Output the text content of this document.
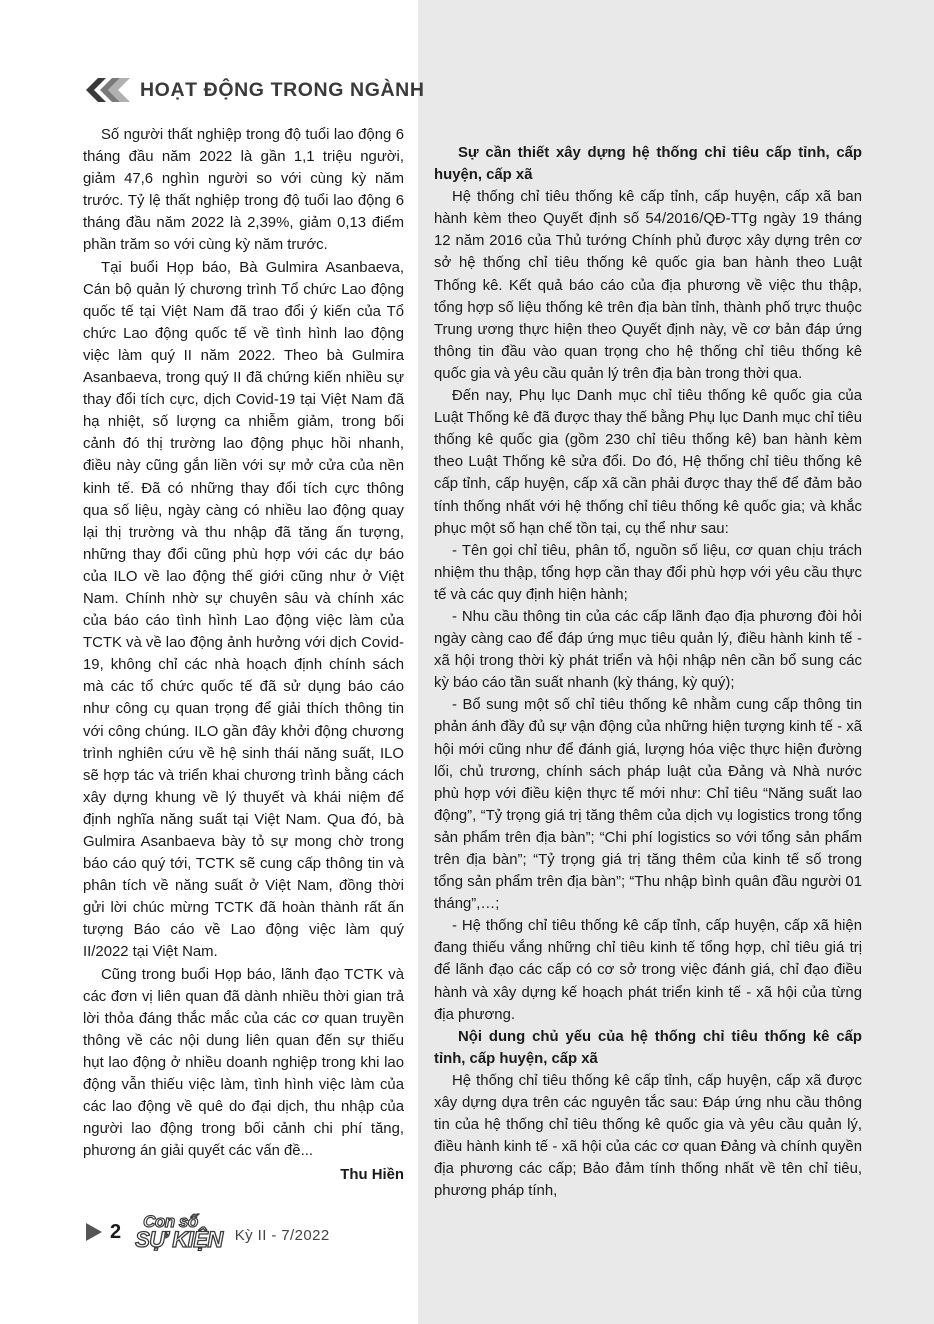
HOẠT ĐỘNG TRONG NGÀNH

Số người thất nghiệp trong độ tuổi lao động 6 tháng đầu năm 2022 là gần 1,1 triệu người, giảm 47,6 nghìn người so với cùng kỳ năm trước. Tỷ lệ thất nghiệp trong độ tuổi lao động 6 tháng đầu năm 2022 là 2,39%, giảm 0,13 điểm phần trăm so với cùng kỳ năm trước.

Tại buổi Họp báo, Bà Gulmira Asanbaeva, Cán bộ quản lý chương trình Tổ chức Lao động quốc tế tại Việt Nam đã trao đổi ý kiến của Tổ chức Lao động quốc tế về tình hình lao động việc làm quý II năm 2022. Theo bà Gulmira Asanbaeva, trong quý II đã chứng kiến nhiều sự thay đổi tích cực, dịch Covid-19 tại Việt Nam đã hạ nhiệt, số lượng ca nhiễm giảm, trong bối cảnh đó thị trường lao động phục hồi nhanh, điều này cũng gắn liền với sự mở cửa của nền kinh tế. Đã có những thay đổi tích cực thông qua số liệu, ngày càng có nhiều lao động quay lại thị trường và thu nhập đã tăng ấn tượng, những thay đổi cũng phù hợp với các dự báo của ILO về lao động thế giới cũng như ở Việt Nam. Chính nhờ sự chuyên sâu và chính xác của báo cáo tình hình Lao động việc làm của TCTK và về lao động ảnh hưởng với dịch Covid-19, không chỉ các nhà hoạch định chính sách mà các tổ chức quốc tế đã sử dụng báo cáo như công cụ quan trọng để giải thích thông tin với công chúng. ILO gần đây khởi động chương trình nghiên cứu về hệ sinh thái năng suất, ILO sẽ hợp tác và triển khai chương trình bằng cách xây dựng khung về lý thuyết và khái niệm để định nghĩa năng suất tại Việt Nam. Qua đó, bà Gulmira Asanbaeva bày tỏ sự mong chờ trong báo cáo quý tới, TCTK sẽ cung cấp thông tin và phân tích về năng suất ở Việt Nam, đồng thời gửi lời chúc mừng TCTK đã hoàn thành rất ấn tượng Báo cáo về Lao động việc làm quý II/2022 tại Việt Nam.

Cũng trong buổi Họp báo, lãnh đạo TCTK và các đơn vị liên quan đã dành nhiều thời gian trả lời thỏa đáng thắc mắc của các cơ quan truyền thông về các nội dung liên quan đến sự thiếu hụt lao động ở nhiều doanh nghiệp trong khi lao động vẫn thiếu việc làm, tình hình việc làm của các lao động về quê do đại dịch, thu nhập của người lao động trong bối cảnh chi phí tăng, phương án giải quyết các vấn đề...

Thu Hiền

Sự cần thiết xây dựng hệ thống chỉ tiêu cấp tỉnh, cấp huyện, cấp xã

Hệ thống chỉ tiêu thống kê cấp tỉnh, cấp huyện, cấp xã ban hành kèm theo Quyết định số 54/2016/QĐ-TTg ngày 19 tháng 12 năm 2016 của Thủ tướng Chính phủ được xây dựng trên cơ sở hệ thống chỉ tiêu thống kê quốc gia ban hành theo Luật Thống kê. Kết quả báo cáo của địa phương về việc thu thập, tổng hợp số liệu thống kê trên địa bàn tỉnh, thành phố trực thuộc Trung ương thực hiện theo Quyết định này, về cơ bản đáp ứng thông tin đầu vào quan trọng cho hệ thống chỉ tiêu thống kê quốc gia và yêu cầu quản lý trên địa bàn trong thời qua.

Đến nay, Phụ lục Danh mục chỉ tiêu thống kê quốc gia của Luật Thống kê đã được thay thế bằng Phụ lục Danh mục chỉ tiêu thống kê quốc gia (gồm 230 chỉ tiêu thống kê) ban hành kèm theo Luật Thống kê sửa đổi. Do đó, Hệ thống chỉ tiêu thống kê cấp tỉnh, cấp huyện, cấp xã cần phải được thay thế để đảm bảo tính thống nhất với hệ thống chỉ tiêu thống kê quốc gia; và khắc phục một số hạn chế tồn tại, cụ thể như sau:

- Tên gọi chỉ tiêu, phân tổ, nguồn số liệu, cơ quan chịu trách nhiệm thu thập, tổng hợp cần thay đổi phù hợp với yêu cầu thực tế và các quy định hiện hành;

- Nhu cầu thông tin của các cấp lãnh đạo địa phương đòi hỏi ngày càng cao để đáp ứng mục tiêu quản lý, điều hành kinh tế - xã hội trong thời kỳ phát triển và hội nhập nên cần bổ sung các kỳ báo cáo tần suất nhanh (kỳ tháng, kỳ quý);

- Bổ sung một số chỉ tiêu thống kê nhằm cung cấp thông tin phản ánh đầy đủ sự vận động của những hiện tượng kinh tế - xã hội mới cũng như để đánh giá, lượng hóa việc thực hiện đường lối, chủ trương, chính sách pháp luật của Đảng và Nhà nước phù hợp với điều kiện thực tế mới như: Chỉ tiêu “Năng suất lao động”, “Tỷ trọng giá trị tăng thêm của dịch vụ logistics trong tổng sản phẩm trên địa bàn”; “Chi phí logistics so với tổng sản phẩm trên địa bàn”; “Tỷ trọng giá trị tăng thêm của kinh tế số trong tổng sản phẩm trên địa bàn”; “Thu nhập bình quân đầu người 01 tháng”,…;

- Hệ thống chỉ tiêu thống kê cấp tỉnh, cấp huyện, cấp xã hiện đang thiếu vắng những chỉ tiêu kinh tế tổng hợp, chỉ tiêu giá trị để lãnh đạo các cấp có cơ sở trong việc đánh giá, chỉ đạo điều hành và xây dựng kế hoạch phát triển kinh tế - xã hội của từng địa phương.

Nội dung chủ yếu của hệ thống chỉ tiêu thống kê cấp tỉnh, cấp huyện, cấp xã

Hệ thống chỉ tiêu thống kê cấp tỉnh, cấp huyện, cấp xã được xây dựng dựa trên các nguyên tắc sau: Đáp ứng nhu cầu thông tin của hệ thống chỉ tiêu thống kê quốc gia và yêu cầu quản lý, điều hành kinh tế - xã hội của các cơ quan Đảng và chính quyền địa phương các cấp; Bảo đảm tính thống nhất về tên chỉ tiêu, phương pháp tính,

2 Con số
SỰ KIỆN Kỳ II - 7/2022
